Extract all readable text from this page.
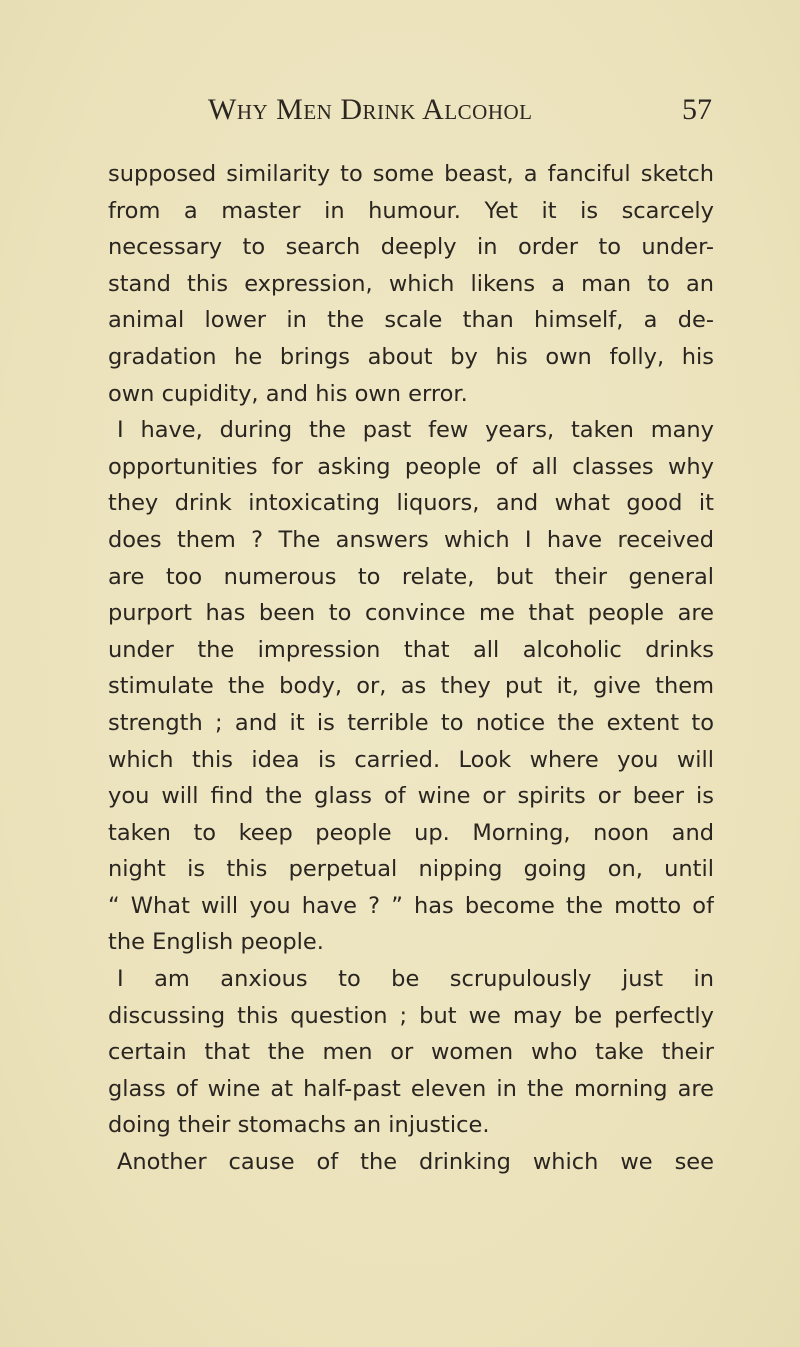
Why Men Drink Alcohol	57
supposed similarity to some beast, a fanciful sketch
from a master in humour. Yet it is scarcely
necessary to search deeply in order to under-
stand this expression, which likens a man to an
animal lower in the scale than himself, a de-
gradation he brings about by his own folly, his
own cupidity, and his own error.
I have, during the past few years, taken many
opportunities for asking people of all classes why
they drink intoxicating liquors, and what good it
does them ? The answers which I have received
are too numerous to relate, but their general
purport has been to convince me that people are
under the impression that all alcoholic drinks
stimulate the body, or, as they put it, give them
strength ; and it is terrible to notice the extent to
which this idea is carried. Look where you will
you will find the glass of wine or spirits or beer is
taken to keep people up. Morning, noon and
night is this perpetual nipping going on, until
“ What will you have ? ” has become the motto of
the English people.
I am anxious to be scrupulously just in
discussing this question ; but we may be perfectly
certain that the men or women who take their
glass of wine at half-past eleven in the morning are
doing their stomachs an injustice.
Another cause of the drinking which we see
